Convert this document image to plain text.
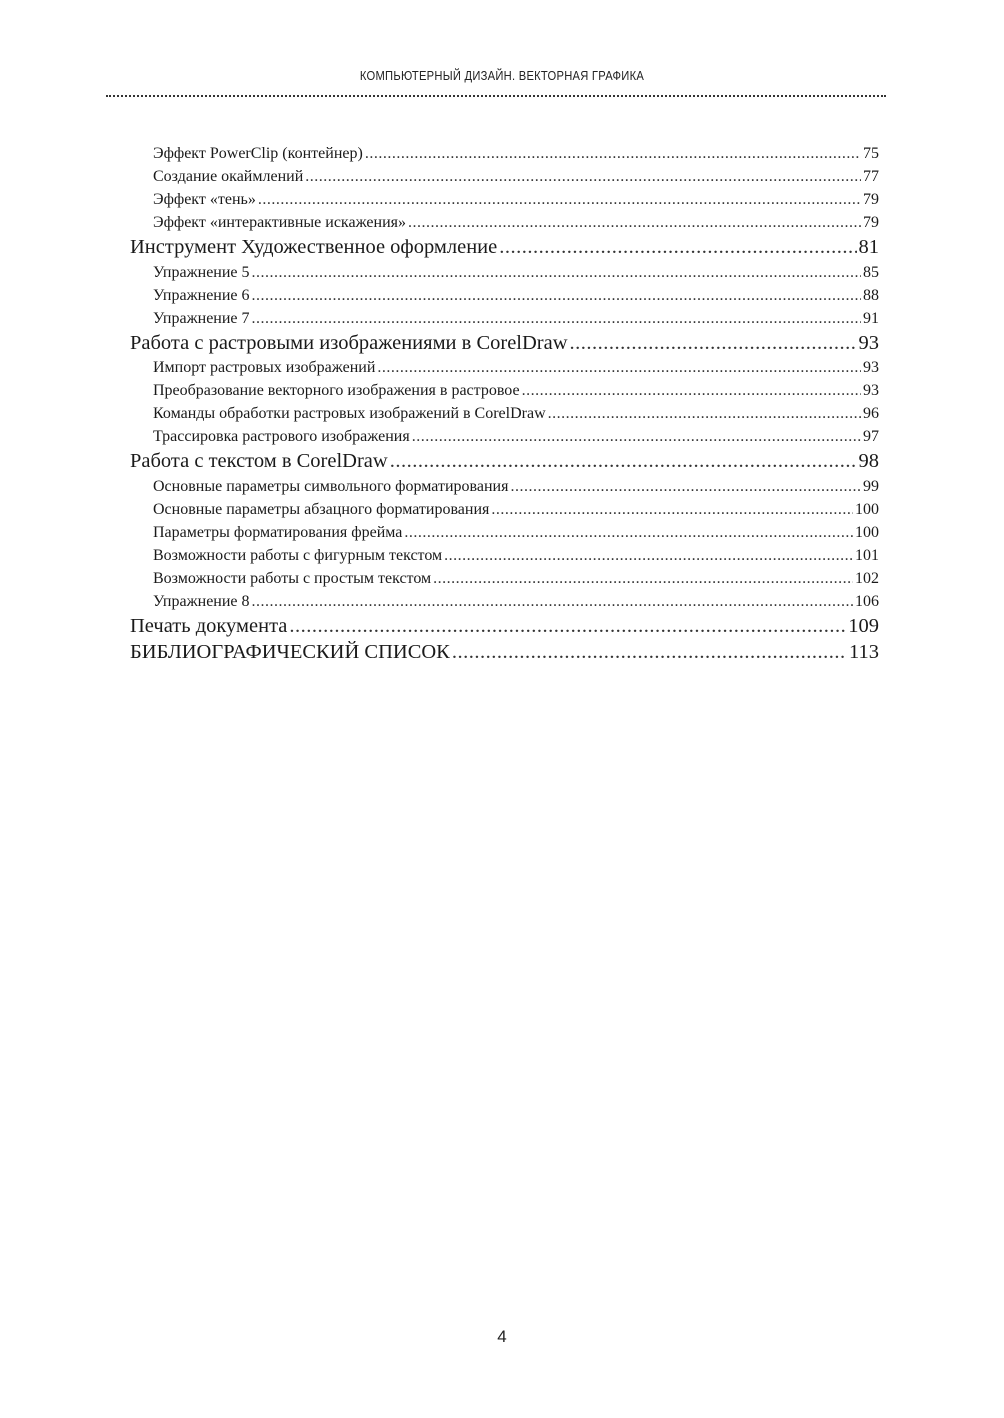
КОМПЬЮТЕРНЫЙ ДИЗАЙН. ВЕКТОРНАЯ ГРАФИКА
Эффект PowerClip (контейнер) .....	75
Создание окаймлений .....	77
Эффект «тень» .....	79
Эффект «интерактивные искажения» .....	79
Инструмент Художественное оформление .....	81
Упражнение 5 .....	85
Упражнение 6 .....	88
Упражнение 7 .....	91
Работа с растровыми изображениями в CorelDraw .....	93
Импорт растровых изображений .....	93
Преобразование векторного изображения в растровое .....	93
Команды обработки растровых изображений в CorelDraw .....	96
Трассировка растрового изображения .....	97
Работа с текстом в CorelDraw .....	98
Основные параметры символьного форматирования .....	99
Основные параметры абзацного форматирования .....	100
Параметры форматирования фрейма .....	100
Возможности работы с фигурным текстом .....	101
Возможности работы с простым текстом .....	102
Упражнение 8 .....	106
Печать документа .....	109
БИБЛИОГРАФИЧЕСКИЙ СПИСОК .....	113
4
